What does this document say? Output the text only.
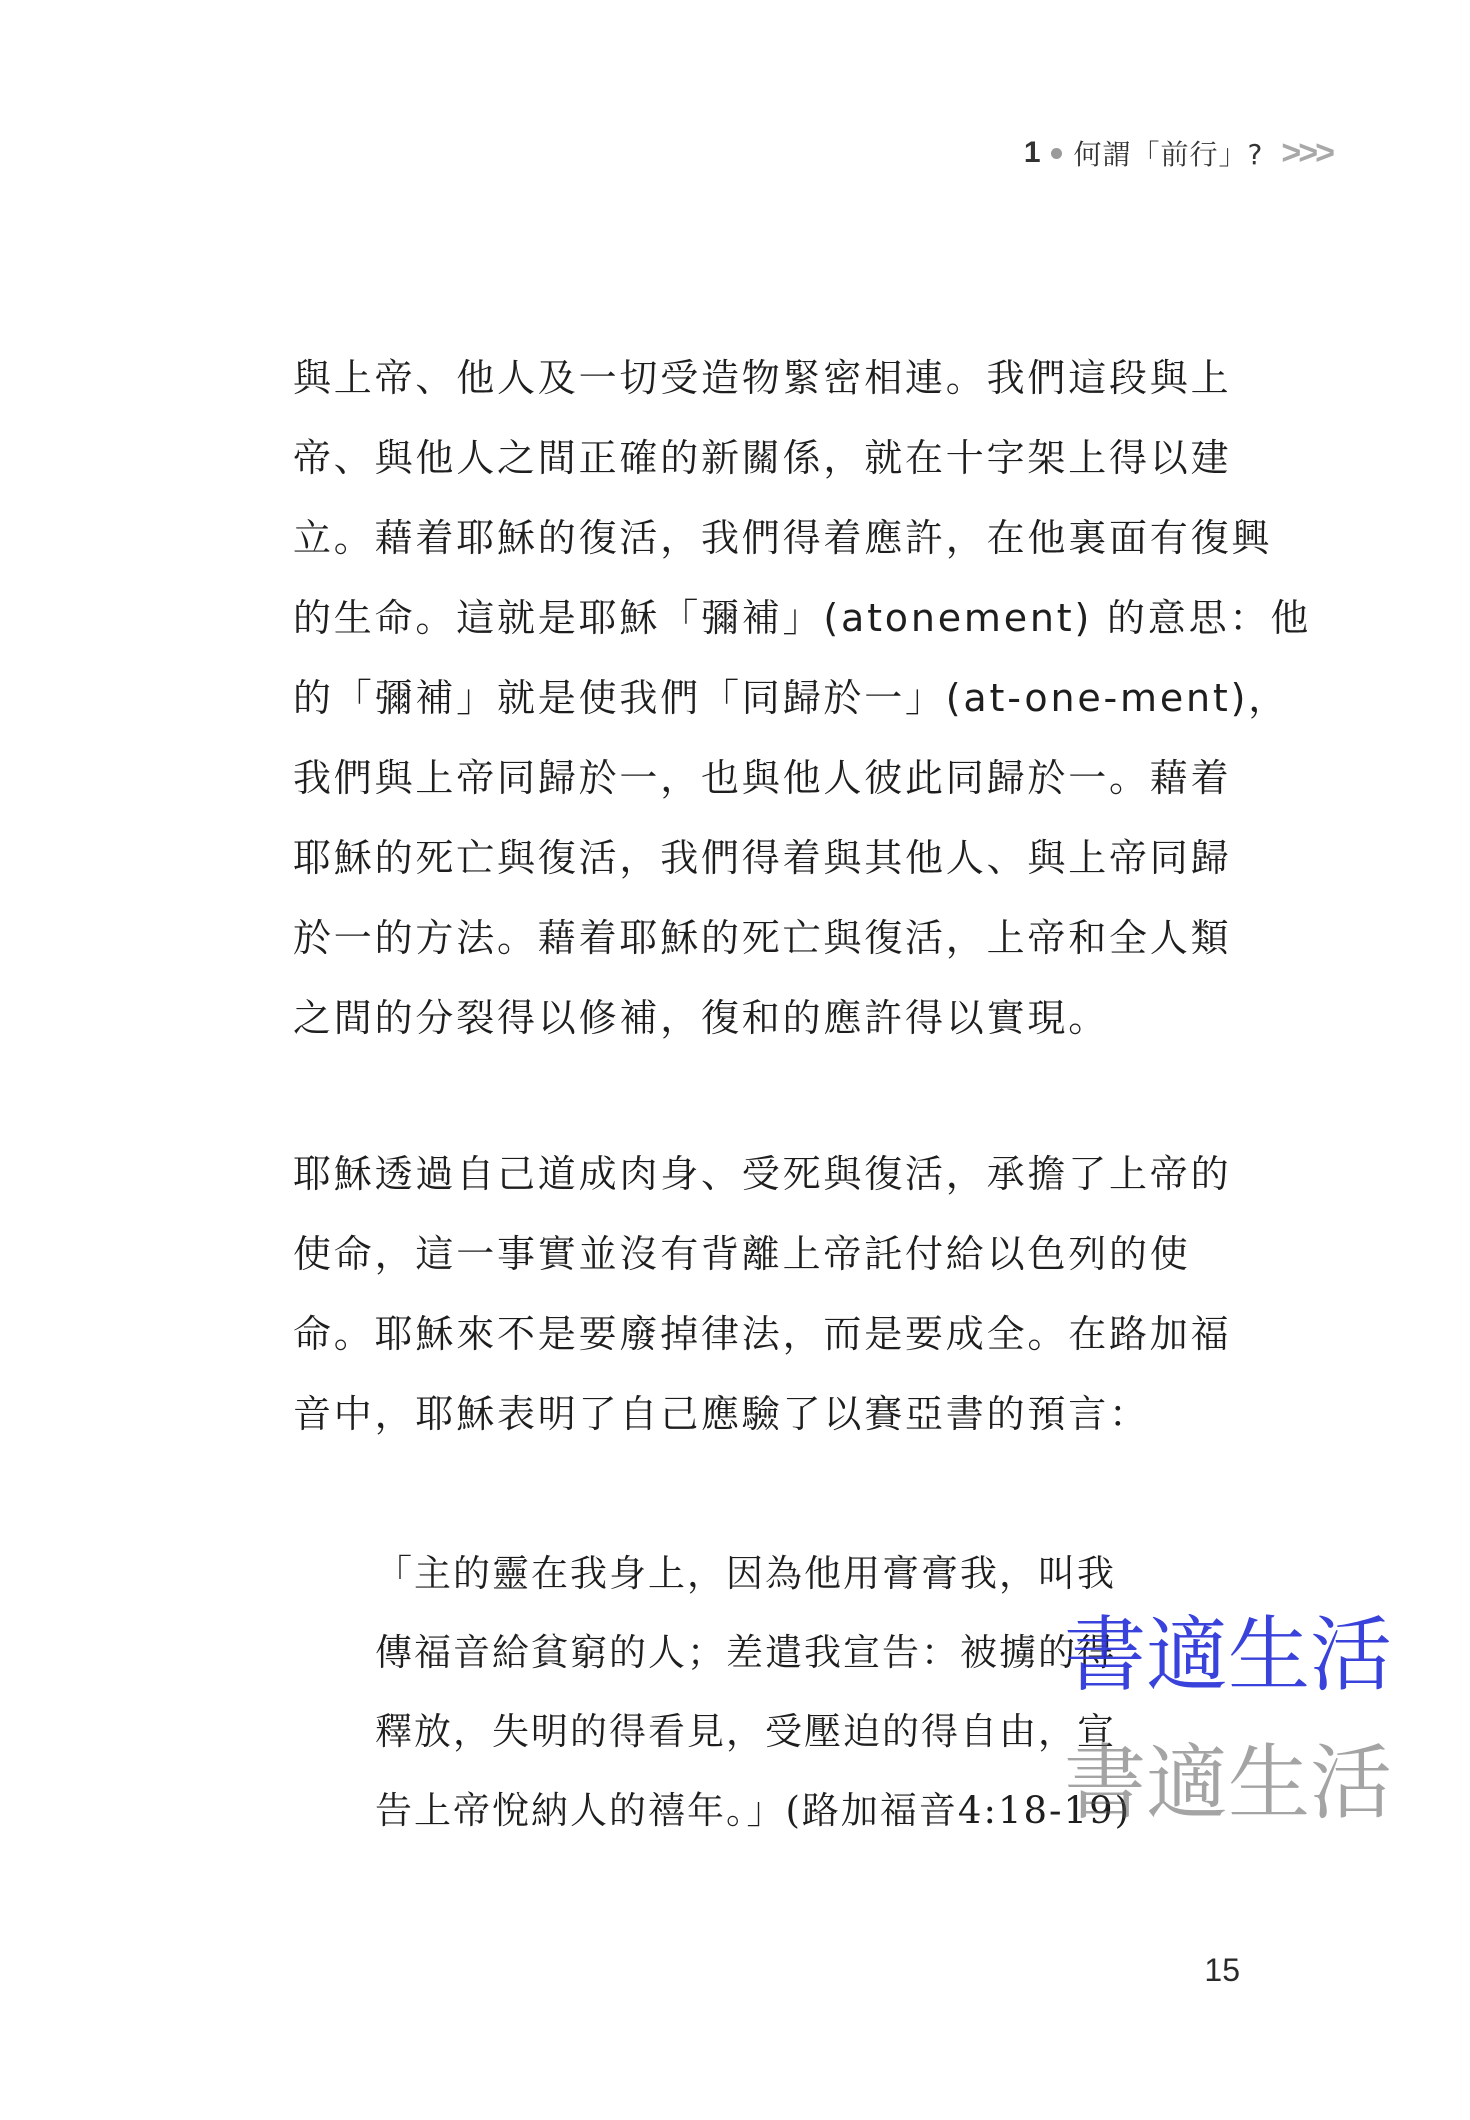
1 何謂「前行」? >>>
與上帝、他人及一切受造物緊密相連。我們這段與上
帝、與他人之間正確的新關係，就在十字架上得以建
立。藉着耶穌的復活，我們得着應許，在他裏面有復興
的生命。這就是耶穌「彌補」(atonement) 的意思：他
的「彌補」就是使我們「同歸於一」(at-one-ment)，
我們與上帝同歸於一，也與他人彼此同歸於一。藉着
耶穌的死亡與復活，我們得着與其他人、與上帝同歸
於一的方法。藉着耶穌的死亡與復活，上帝和全人類
之間的分裂得以修補，復和的應許得以實現。
耶穌透過自己道成肉身、受死與復活，承擔了上帝的
使命，這一事實並沒有背離上帝託付給以色列的使
命。耶穌來不是要廢掉律法，而是要成全。在路加福
音中，耶穌表明了自己應驗了以賽亞書的預言：
「主的靈在我身上，因為他用膏膏我，叫我
傳福音給貧窮的人；差遣我宣告：被擄的得
釋放，失明的得看見，受壓迫的得自由，宣
告上帝悅納人的禧年。」(路加福音4:18-19)
書適生活
書適生活
15
